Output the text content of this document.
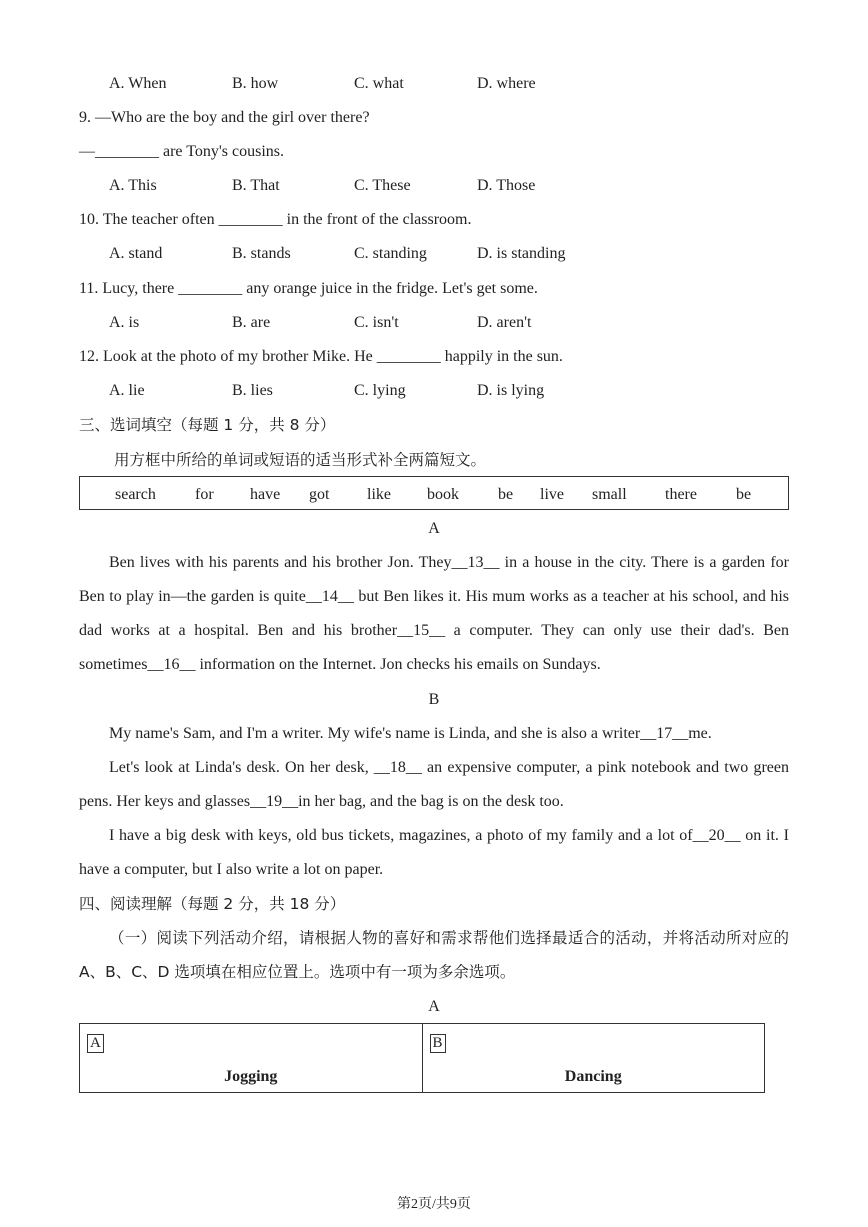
A. When	B. how	C. what	D. where
9. —Who are the boy and the girl over there?
—________ are Tony's cousins.
A. This	B. That	C. These	D. Those
10. The teacher often ________ in the front of the classroom.
A. stand	B. stands	C. standing	D. is standing
11. Lucy, there ________ any orange juice in the fridge. Let's get some.
A. is	B. are	C. isn't	D. aren't
12. Look at the photo of my brother Mike. He ________ happily in the sun.
A. lie	B. lies	C. lying	D. is lying
三、选词填空（每题 1 分，共 8 分）
用方框中所给的单词或短语的适当形式补全两篇短文。
search for have got like book be live small there be
A

Ben lives with his parents and his brother Jon. They__13__ in a house in the city. There is a garden for Ben to play in—the garden is quite__14__ but Ben likes it. His mum works as a teacher at his school, and his dad works at a hospital. Ben and his brother__15__ a computer. They can only use their dad's. Ben sometimes__16__ information on the Internet. Jon checks his emails on Sundays.

B

My name's Sam, and I'm a writer. My wife's name is Linda, and she is also a writer__17__me.

Let's look at Linda's desk. On her desk, __18__ an expensive computer, a pink notebook and two green pens. Her keys and glasses__19__in her bag, and the bag is on the desk too.

I have a big desk with keys, old bus tickets, magazines, a photo of my family and a lot of__20__ on it. I have a computer, but I also write a lot on paper.

四、阅读理解（每题 2 分，共 18 分）
（一）阅读下列活动介绍，请根据人物的喜好和需求帮他们选择最适合的活动，并将活动所对应的 A、B、C、D 选项填在相应位置上。选项中有一项为多余选项。
A
A
Jogging
B
Dancing
第2页/共9页
